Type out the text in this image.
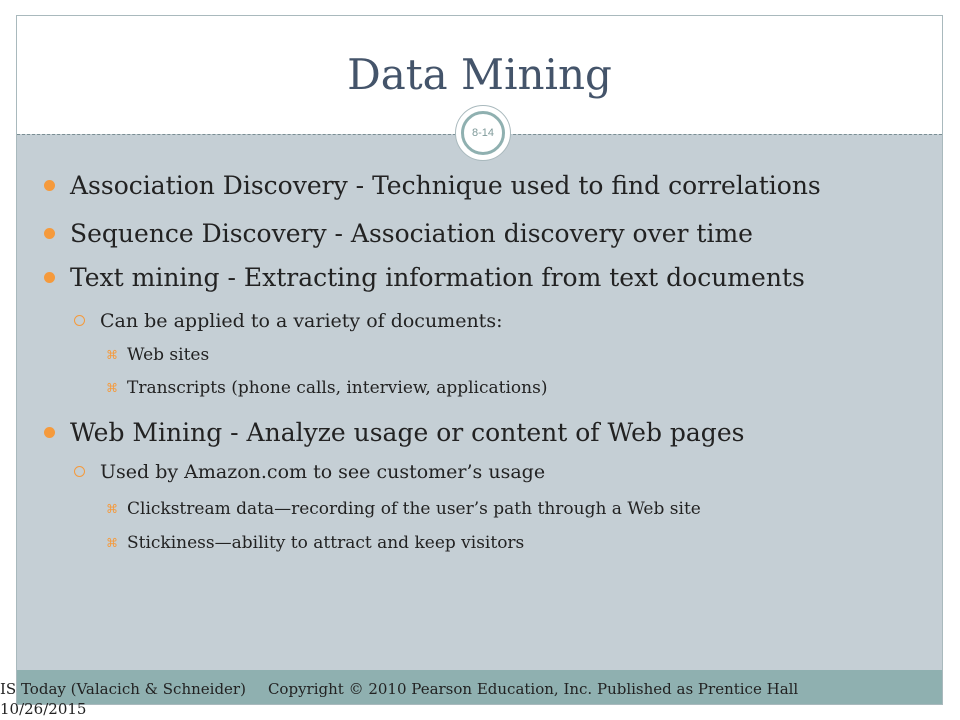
Data Mining
8-14
Association Discovery - Technique used to find correlations
Sequence Discovery - Association discovery over time
Text mining - Extracting information from text documents
Can be applied to a variety of documents:
⌘ Web sites
⌘ Transcripts (phone calls, interview, applications)
Web Mining - Analyze usage or content of Web pages
Used by Amazon.com to see customer’s usage
⌘ Clickstream data—recording of the user’s path through a Web site
⌘ Stickiness—ability to attract and keep visitors
IS Today (Valacich & Schneider) Copyright © 2010 Pearson Education, Inc. Published as Prentice Hall
10/26/2015
